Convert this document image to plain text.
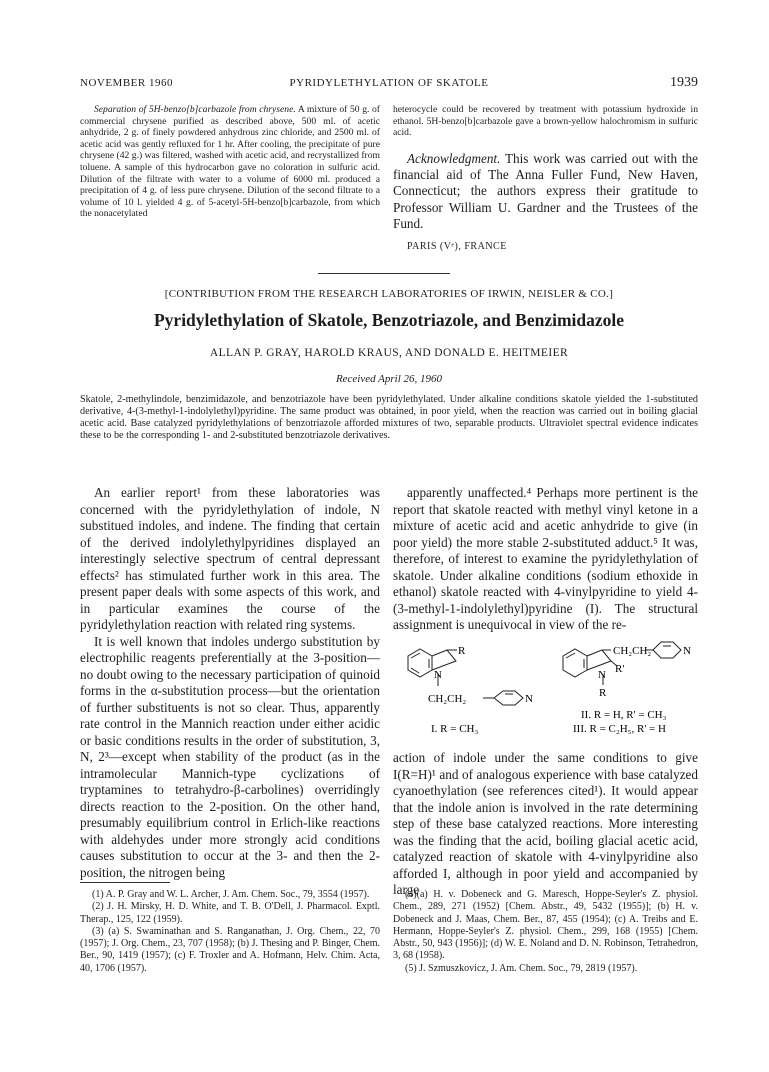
NOVEMBER 1960	PYRIDYLETHYLATION OF SKATOLE	1939

Separation of 5H-benzo[b]carbazole from chrysene. A mixture of 50 g. of commercial chrysene purified as described above, 500 ml. of acetic anhydride, 2 g. of finely powdered anhydrous zinc chloride, and 2500 ml. of acetic acid was gently refluxed for 1 hr. After cooling, the precipitate of pure chrysene (42 g.) was filtered, washed with acetic acid, and recrystallized from toluene. A sample of this hydrocarbon gave no coloration in sulfuric acid. Dilution of the filtrate with water to a volume of 6000 ml. produced a precipitation of 4 g. of less pure chrysene. Dilution of the second filtrate to a volume of 10 l. yielded 4 g. of 5-acetyl-5H-benzo[b]carbazole, from which the nonacetylated

heterocycle could be recovered by treatment with potassium hydroxide in ethanol. 5H-benzo[b]carbazole gave a brown-yellow halochromism in sulfuric acid.

Acknowledgment. This work was carried out with the financial aid of The Anna Fuller Fund, New Haven, Connecticut; the authors express their gratitude to Professor William U. Gardner and the Trustees of the Fund.

PARIS (Vᵉ), FRANCE

[CONTRIBUTION FROM THE RESEARCH LABORATORIES OF IRWIN, NEISLER & CO.]
Pyridylethylation of Skatole, Benzotriazole, and Benzimidazole
ALLAN P. GRAY, HAROLD KRAUS, AND DONALD E. HEITMEIER
Received April 26, 1960
Skatole, 2-methylindole, benzimidazole, and benzotriazole have been pyridylethylated. Under alkaline conditions skatole yielded the 1-substituted derivative, 4-(3-methyl-1-indolylethyl)pyridine. The same product was obtained, in poor yield, when the reaction was carried out in boiling glacial acetic acid. Base catalyzed pyridylethylations of benzotriazole afforded mixtures of two, separable products. Ultraviolet spectral evidence indicates these to be the corresponding 1- and 2-substituted benzotriazole derivatives.

An earlier report¹ from these laboratories was concerned with the pyridylethylation of indole, N substitued indoles, and indene. The finding that certain of the derived indolylethylpyridines displayed an interestingly selective spectrum of central depressant effects² has stimulated further work in this area. The present paper deals with some aspects of this work, and in particular examines the course of the pyridylethylation reaction with related ring systems.

It is well known that indoles undergo substitution by electrophilic reagents preferentially at the 3-position—no doubt owing to the necessary participation of quinoid forms in the α-substitution process—but the orientation of further substituents is not so clear. Thus, apparently rate control in the Mannich reaction under either acidic or basic conditions results in the order of substitution, 3, N, 2³—except when stability of the product (as in the intramolecular Mannich-type cyclizations of tryptamines to tetrahydro-β-carbolines) overridingly directs reaction to the 2-position. On the other hand, presumably equilibrium control in Erlich-like reactions with aldehydes under more strongly acid conditions causes substitution to occur at the 3- and then the 2-position, the nitrogen being

(1) A. P. Gray and W. L. Archer, J. Am. Chem. Soc., 79, 3554 (1957).

(2) J. H. Mirsky, H. D. White, and T. B. O'Dell, J. Pharmacol. Exptl. Therap., 125, 122 (1959).

(3) (a) S. Swaminathan and S. Ranganathan, J. Org. Chem., 22, 70 (1957); J. Org. Chem., 23, 707 (1958); (b) J. Thesing and P. Binger, Chem. Ber., 90, 1419 (1957); (c) F. Troxler and A. Hofmann, Helv. Chim. Acta, 40, 1706 (1957).

apparently unaffected.⁴ Perhaps more pertinent is the report that skatole reacted with methyl vinyl ketone in a mixture of acetic acid and acetic anhydride to give (in poor yield) the more stable 2-substituted adduct.⁵ It was, therefore, of interest to examine the pyridylethylation of skatole. Under alkaline conditions (sodium ethoxide in ethanol) skatole reacted with 4-vinylpyridine to yield 4-(3-methyl-1-indolylethyl)pyridine (I). The structural assignment is unequivocal in view of the re-

R
N
CH₂CH₂	N
I. R = CH₃
CH₂CH₂	N
N R'
R
II. R = H, R' = CH₃
III. R = C₂H₅, R' = H

action of indole under the same conditions to give I(R=H)¹ and of analogous experience with base catalyzed cyanoethylation (see references cited¹). It would appear that the indole anion is involved in the rate determining step of these base catalyzed reactions. More interesting was the finding that the acid, boiling glacial acetic acid, catalyzed reaction of skatole with 4-vinylpyridine also afforded I, although in poor yield and accompanied by large

(4)(a) H. v. Dobeneck and G. Maresch, Hoppe-Seyler's Z. physiol. Chem., 289, 271 (1952) [Chem. Abstr., 49, 5432 (1955)]; (b) H. v. Dobeneck and J. Maas, Chem. Ber., 87, 455 (1954); (c) A. Treibs and E. Hermann, Hoppe-Seyler's Z. physiol. Chem., 299, 168 (1955) [Chem. Abstr., 50, 943 (1956)]; (d) W. E. Noland and D. N. Robinson, Tetrahedron, 3, 68 (1958).

(5) J. Szmuszkovicz, J. Am. Chem. Soc., 79, 2819 (1957).
